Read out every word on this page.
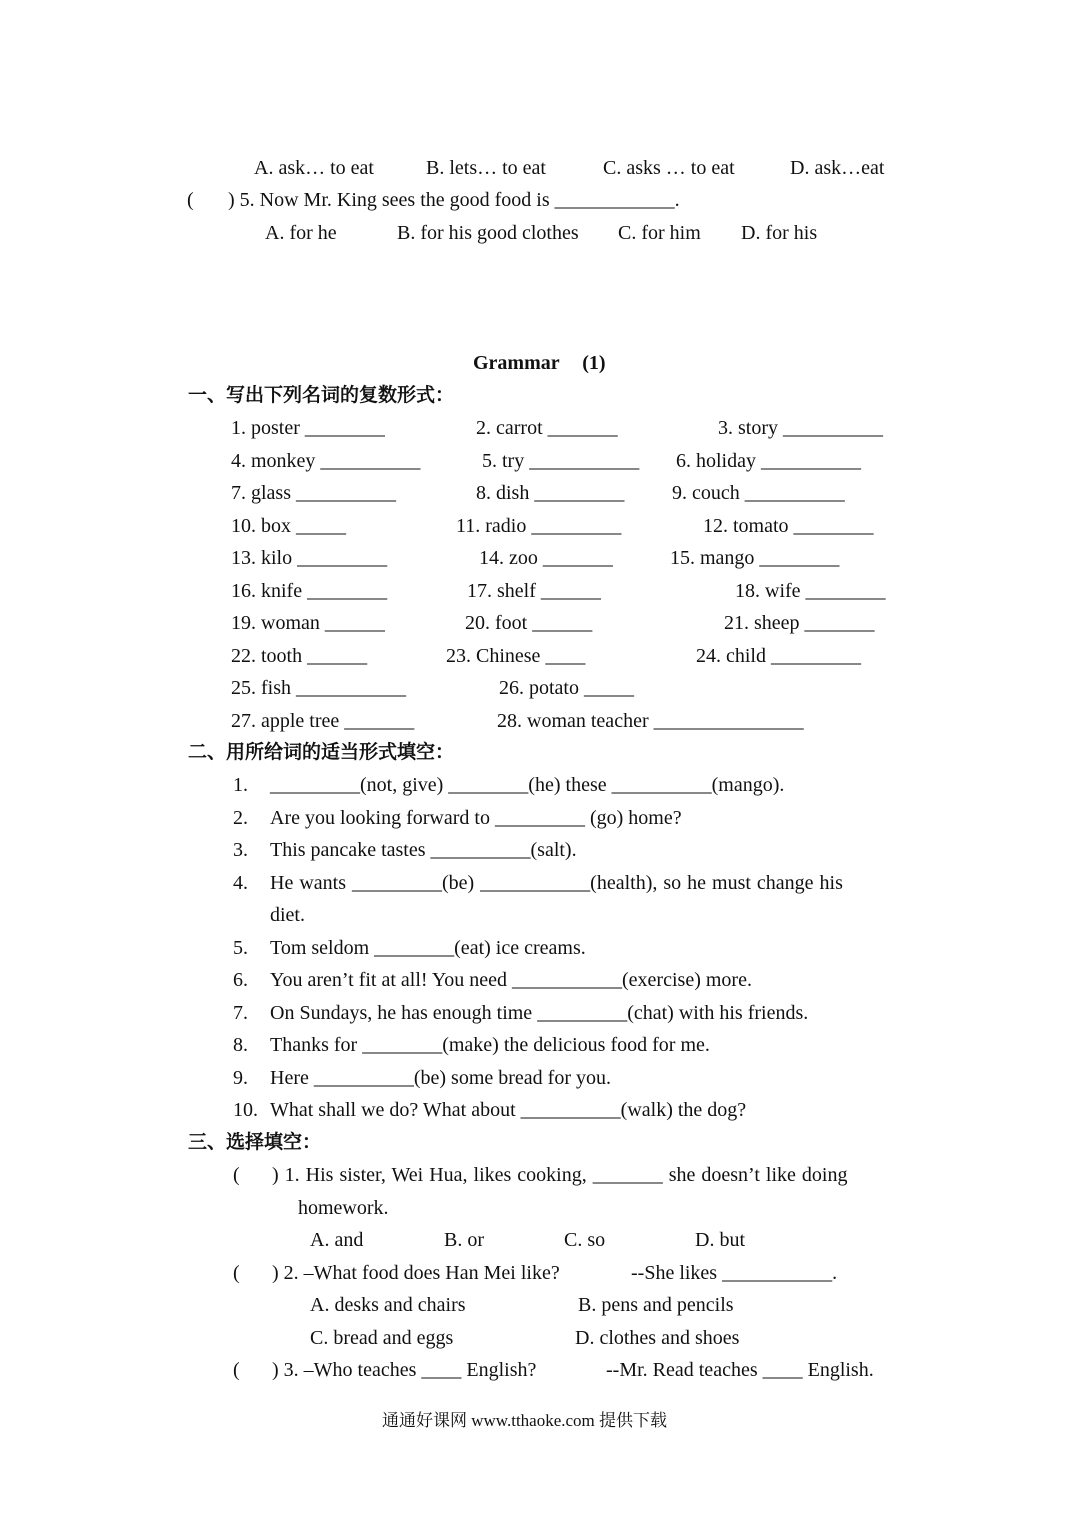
A. ask… to eat	B. lets… to eat	C. asks … to eat	D. ask…eat
( ) 5. Now Mr. King sees the good food is ____________.
A. for he	B. for his good clothes C. for him D. for his
Grammar (1)
一、写出下列名词的复数形式：
1. poster ________	2. carrot _______	3. story __________
4. monkey __________	5. try ___________ 6. holiday __________
7. glass __________	8. dish _________ 9. couch __________
10. box _____	11. radio _________	12. tomato ________
13. kilo _________	14. zoo _______	15. mango ________
16. knife ________	17. shelf ______	18. wife ________
19. woman ______	20. foot ______	21. sheep _______
22. tooth ______	23. Chinese ____	24. child _________
25. fish ___________	26. potato _____
27. apple tree _______	28. woman teacher _______________
二、用所给词的适当形式填空：
1. _________(not, give) ________(he) these __________(mango).
2. Are you looking forward to _________ (go) home?
3. This pancake tastes __________(salt).
4. He wants _________(be) ___________(health), so he must change his
diet.
5. Tom seldom ________(eat) ice creams.
6. You aren’t fit at all! You need ___________(exercise) more.
7. On Sundays, he has enough time _________(chat) with his friends.
8. Thanks for ________(make) the delicious food for me.
9. Here __________(be) some bread for you.
10. What shall we do? What about __________(walk) the dog?
三、选择填空：
( ) 1. His sister, Wei Hua, likes cooking, _______ she doesn’t like doing
homework.
A. and	B. or	C. so	D. but
( ) 2. –What food does Han Mei like?	--She likes ___________.
A. desks and chairs	B. pens and pencils
C. bread and eggs	D. clothes and shoes
( ) 3. –Who teaches ____ English?	--Mr. Read teaches ____ English.
通通好课网 www.tthaoke.com 提供下载
